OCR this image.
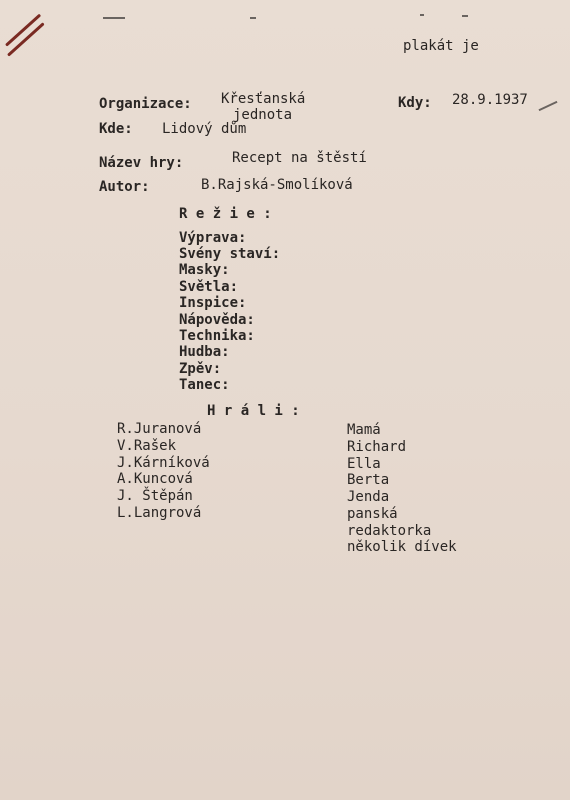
plakát je
Organizace: Křesťanská
jednota
Kdy: 28.9.1937
Kde: Lidový dům
Název hry:	Recept na štěstí
Autor:	B.Rajská-Smolíková
R e ž i e :
Výprava:
Svény staví:
Masky:
Světla:
Inspice:
Nápověda:
Technika:
Hudba:
Zpěv:
Tanec:
H r á l i :
R.Juranová
V.Rašek
J.Kárníková
A.Kuncová
J. Štěpán
L.Langrová
Mamá
Richard
Ella
Berta
Jenda
panská
redaktorka
několik dívek
